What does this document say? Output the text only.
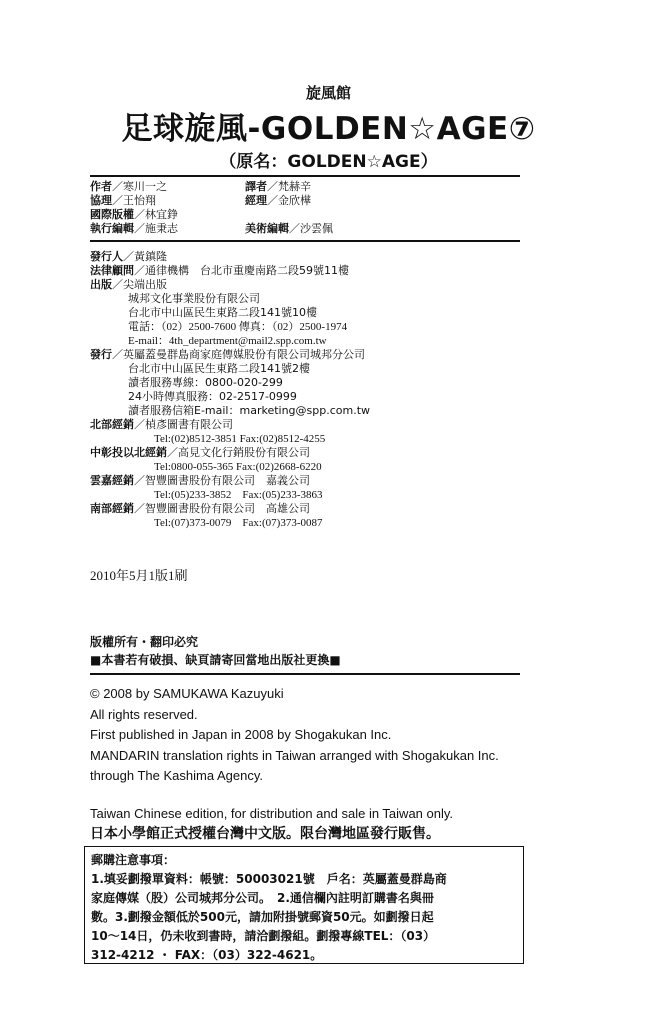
旋風館
足球旋風-GOLDEN☆AGE⑦
（原名：GOLDEN☆AGE）
作者／寒川一之	譯者／梵赫辛
協理／王怡翔	經理／金欣樺
國際版權／林宜錚
執行編輯／施秉志	美術編輯／沙雲佩
發行人／黃鎮隆
法律顧問／通律機構　台北市重慶南路二段59號11樓
出版／尖端出版
城邦文化事業股份有限公司
台北市中山區民生東路二段141號10樓
電話：（02）2500-7600 傳真：（02）2500-1974
E-mail：4th_department@mail2.spp.com.tw
發行／英屬蓋曼群島商家庭傳媒股份有限公司城邦分公司
台北市中山區民生東路二段141號2樓
讀者服務專線：0800-020-299
24小時傳真服務：02-2517-0999
讀者服務信箱E-mail：marketing@spp.com.tw
北部經銷／楨彥圖書有限公司
Tel:(02)8512-3851 Fax:(02)8512-4255
中彰投以北經銷／高見文化行銷股份有限公司
Tel:0800-055-365 Fax:(02)2668-6220
雲嘉經銷／智豐圖書股份有限公司　嘉義公司
Tel:(05)233-3852　Fax:(05)233-3863
南部經銷／智豐圖書股份有限公司　高雄公司
Tel:(07)373-0079　Fax:(07)373-0087
2010年5月1版1刷
版權所有・翻印必究
■本書若有破損、缺頁請寄回當地出版社更換■
© 2008 by SAMUKAWA Kazuyuki
All rights reserved.
First published in Japan in 2008 by Shogakukan Inc.
MANDARIN translation rights in Taiwan arranged with Shogakukan Inc.
through The Kashima Agency.
Taiwan Chinese edition, for distribution and sale in Taiwan only.
日本小學館正式授權台灣中文版。限台灣地區發行販售。
郵購注意事項：
1.填妥劃撥單資料：帳號：50003021號　戶名：英屬蓋曼群島商
家庭傳媒（股）公司城邦分公司。　2.通信欄內註明訂購書名與冊
數。3.劃撥金額低於500元，請加附掛號郵資50元。如劃撥日起
10～14日，仍未收到書時，請洽劃撥組。劃撥專線TEL：（03）
312-4212 ・ FAX：（03）322-4621。
